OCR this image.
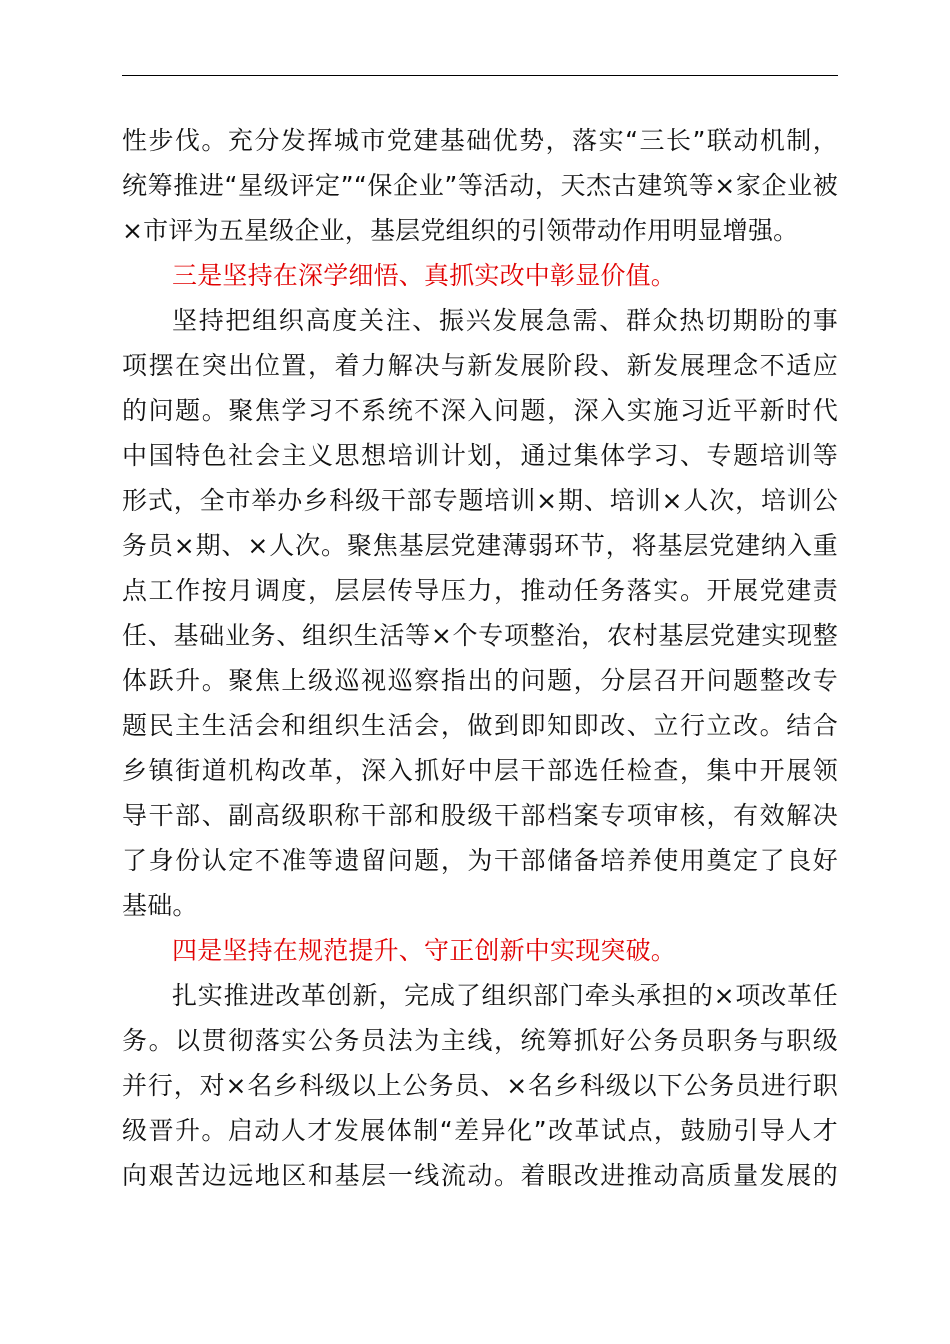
性步伐。充分发挥城市党建基础优势，落实“三长”联动机制，
统筹推进“星级评定”“保企业”等活动，天杰古建筑等×家企业被
×市评为五星级企业，基层党组织的引领带动作用明显增强。
三是坚持在深学细悟、真抓实改中彰显价值。
坚持把组织高度关注、振兴发展急需、群众热切期盼的事
项摆在突出位置，着力解决与新发展阶段、新发展理念不适应
的问题。聚焦学习不系统不深入问题，深入实施习近平新时代
中国特色社会主义思想培训计划，通过集体学习、专题培训等
形式，全市举办乡科级干部专题培训×期、培训×人次，培训公
务员×期、×人次。聚焦基层党建薄弱环节，将基层党建纳入重
点工作按月调度，层层传导压力，推动任务落实。开展党建责
任、基础业务、组织生活等×个专项整治，农村基层党建实现整
体跃升。聚焦上级巡视巡察指出的问题，分层召开问题整改专
题民主生活会和组织生活会，做到即知即改、立行立改。结合
乡镇街道机构改革，深入抓好中层干部选任检查，集中开展领
导干部、副高级职称干部和股级干部档案专项审核，有效解决
了身份认定不准等遗留问题，为干部储备培养使用奠定了良好
基础。
四是坚持在规范提升、守正创新中实现突破。
扎实推进改革创新，完成了组织部门牵头承担的×项改革任
务。以贯彻落实公务员法为主线，统筹抓好公务员职务与职级
并行，对×名乡科级以上公务员、×名乡科级以下公务员进行职
级晋升。启动人才发展体制“差异化”改革试点，鼓励引导人才
向艰苦边远地区和基层一线流动。着眼改进推动高质量发展的
